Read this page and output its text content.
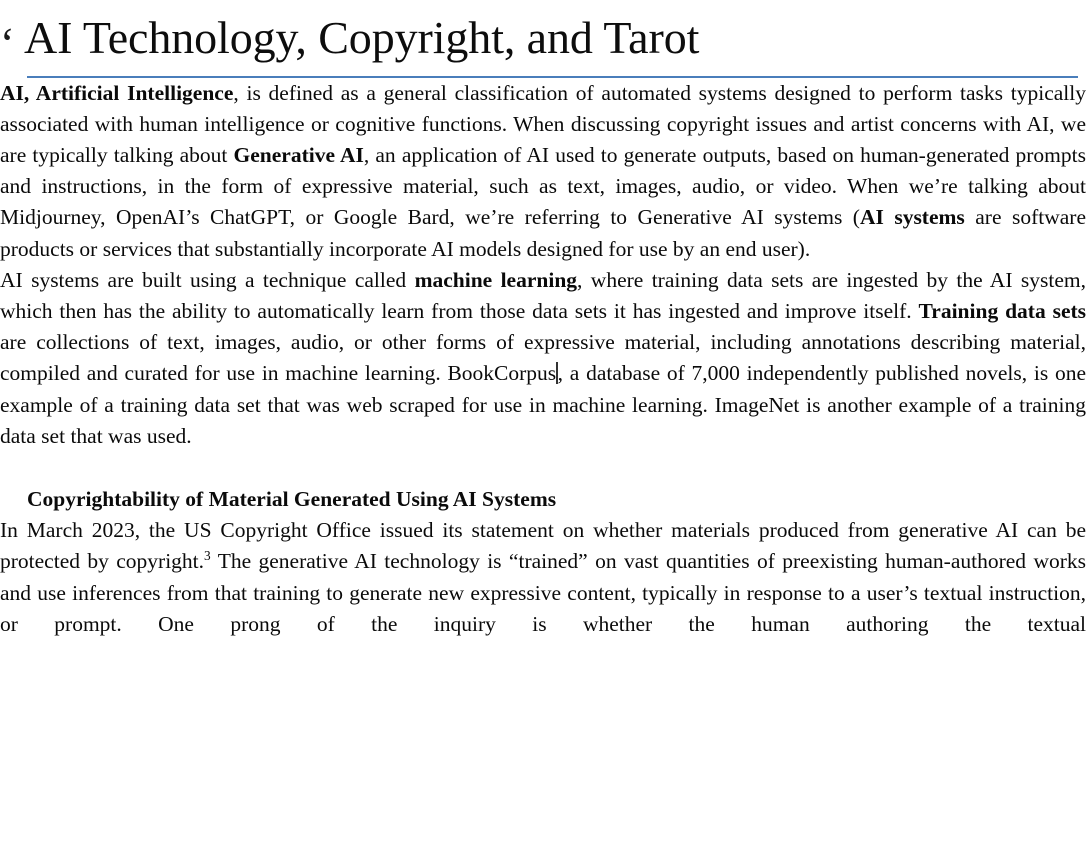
‘ AI Technology, Copyright, and Tarot

AI, Artificial Intelligence, is defined as a general classification of automated systems designed to perform tasks typically associated with human intelligence or cognitive functions. When discussing copyright issues and artist concerns with AI, we are typically talking about Generative AI, an application of AI used to generate outputs, based on human-generated prompts and instructions, in the form of expressive material, such as text, images, audio, or video. When we’re talking about Midjourney, OpenAI’s ChatGPT, or Google Bard, we’re referring to Generative AI systems (AI systems are software products or services that substantially incorporate AI models designed for use by an end user).

AI systems are built using a technique called machine learning, where training data sets are ingested by the AI system, which then has the ability to automatically learn from those data sets it has ingested and improve itself. Training data sets are collections of text, images, audio, or other forms of expressive material, including annotations describing material, compiled and curated for use in machine learning. BookCorpus, a database of 7,000 independently published novels, is one example of a training data set that was web scraped for use in machine learning. ImageNet is another example of a training data set that was used.

Copyrightability of Material Generated Using AI Systems

In March 2023, the US Copyright Office issued its statement on whether materials produced from generative AI can be protected by copyright.$^3$ The generative AI technology is “trained” on vast quantities of preexisting human-authored works and use inferences from that training to generate new expressive content, typically in response to a user’s textual instruction, or prompt. One prong of the inquiry is whether the human authoring the textual
